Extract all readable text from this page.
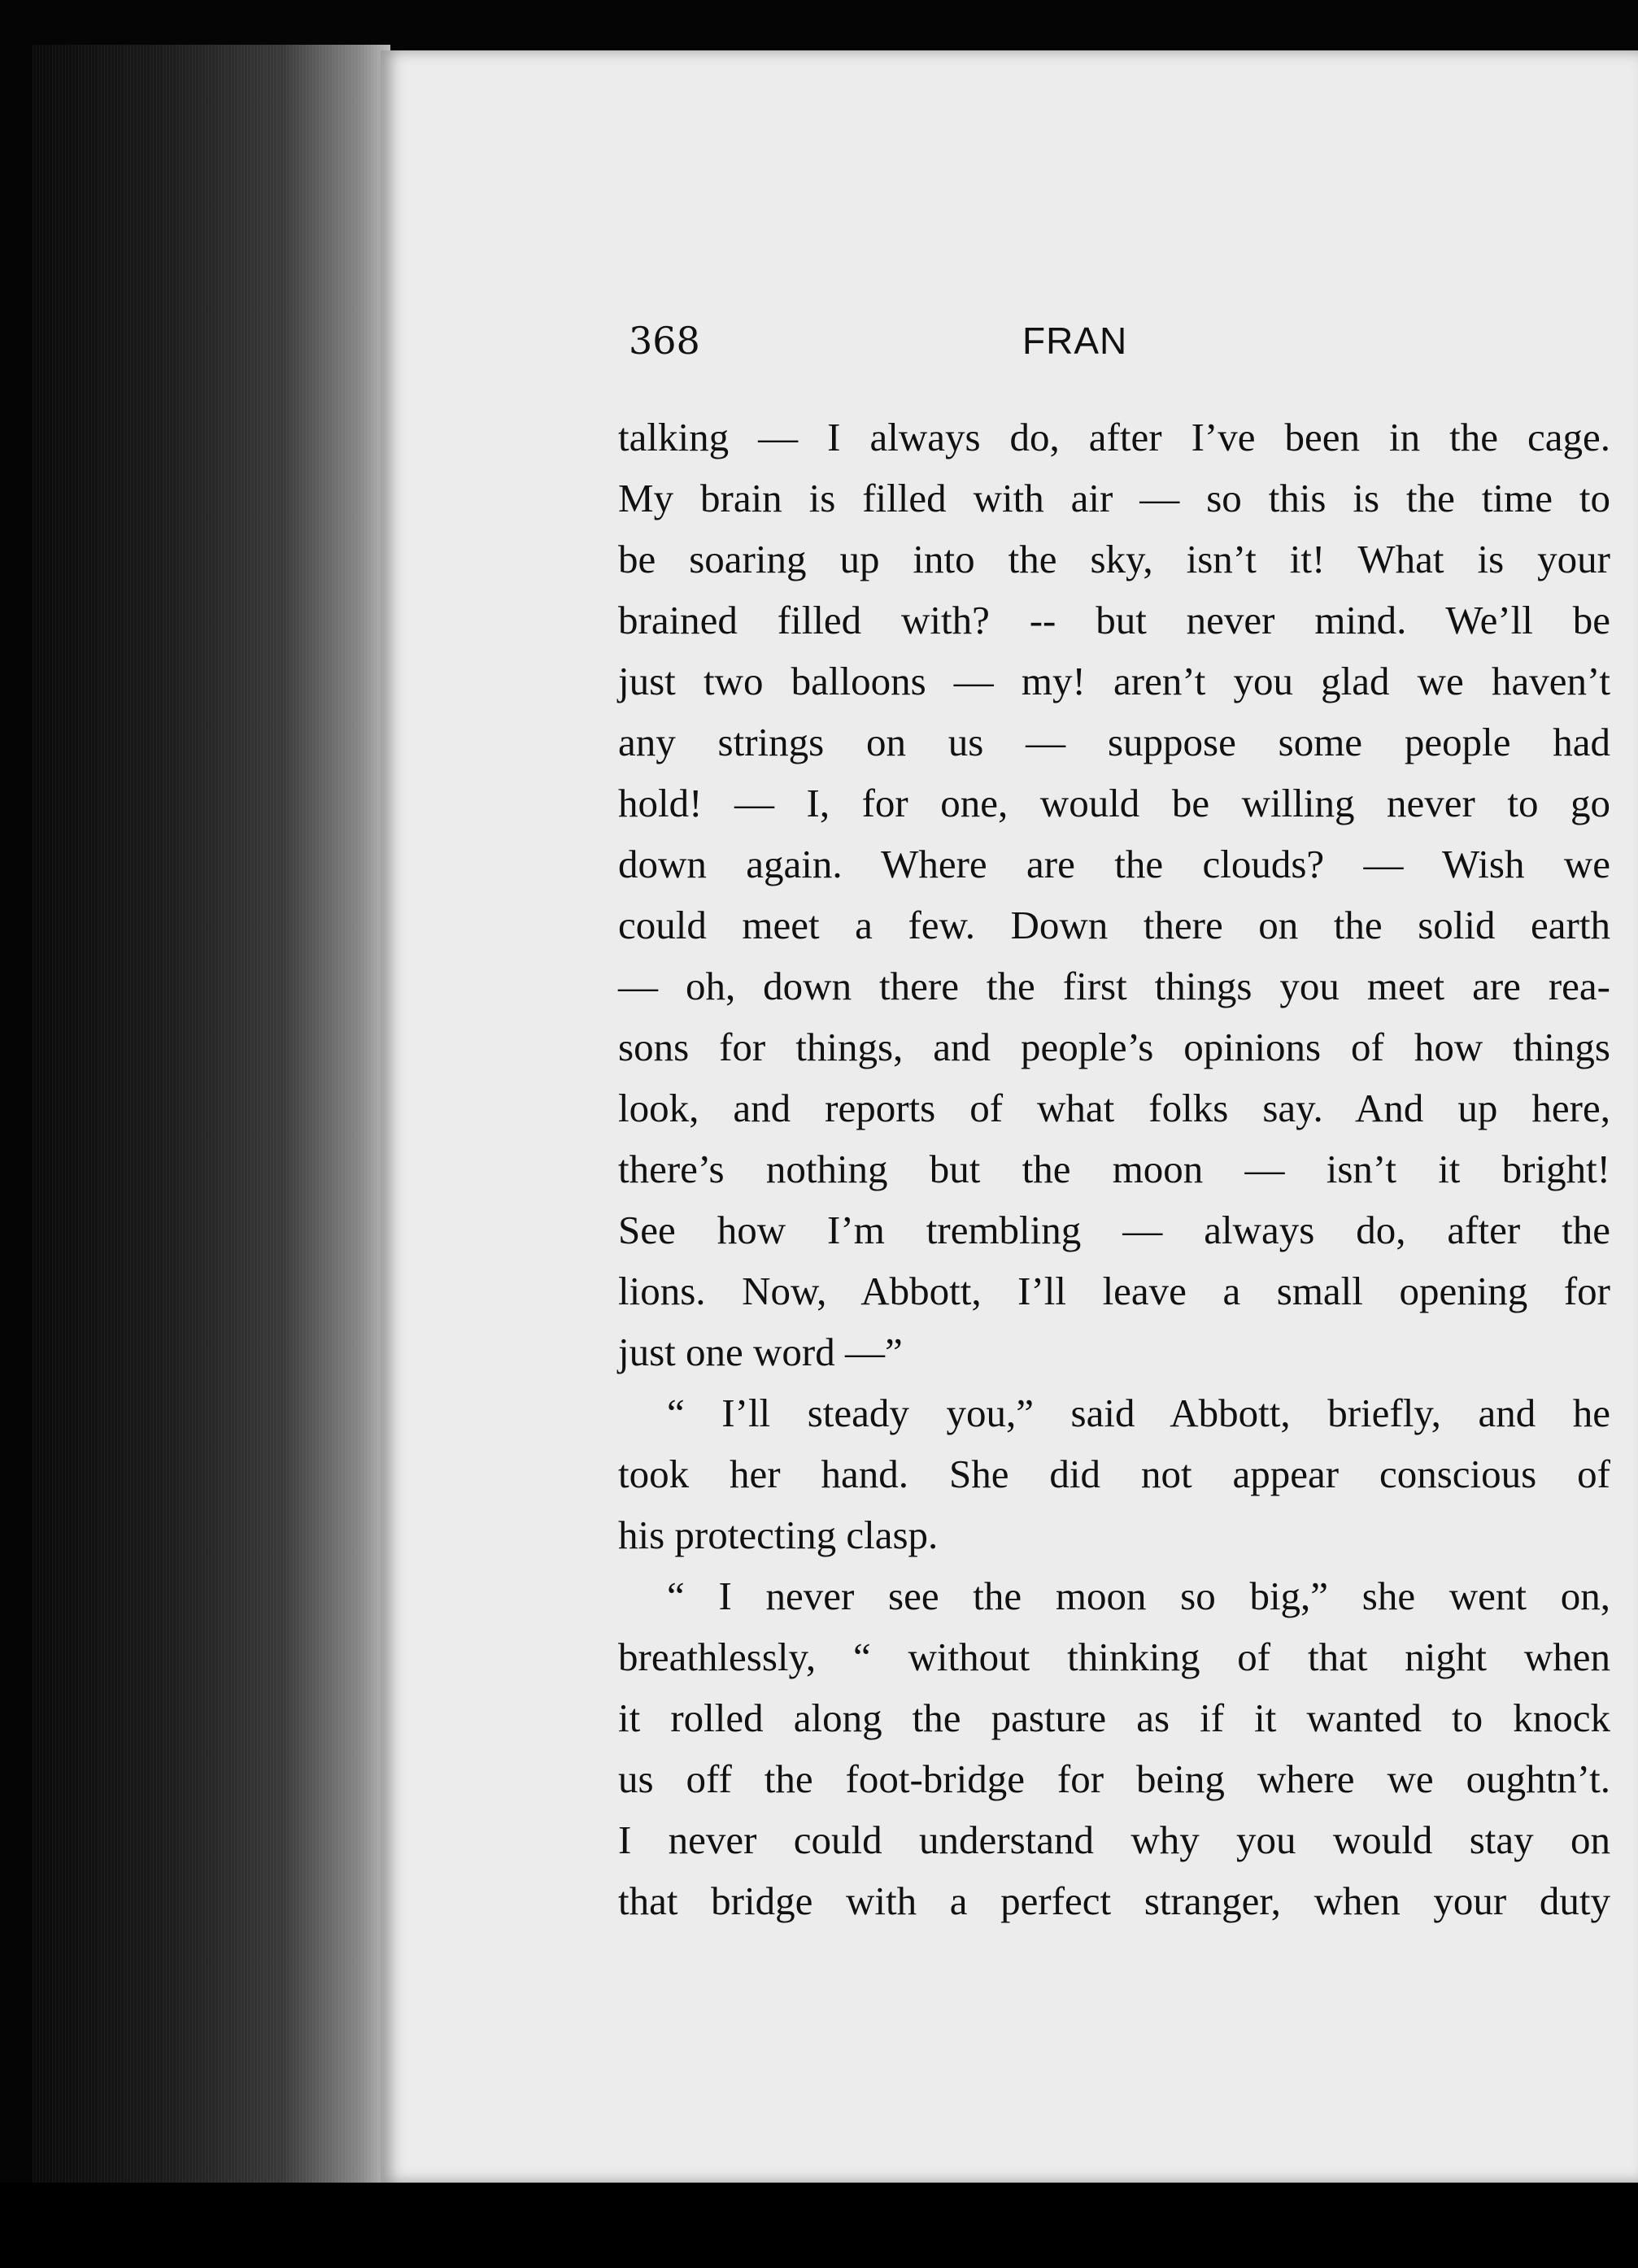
368	FRAN
talking — I always do, after I’ve been in the cage.
My brain is filled with air — so this is the time to
be soaring up into the sky, isn’t it! What is your
brained filled with? -- but never mind. We’ll be
just two balloons — my! aren’t you glad we haven’t
any strings on us — suppose some people had
hold! — I, for one, would be willing never to go
down again. Where are the clouds? — Wish we
could meet a few. Down there on the solid earth
— oh, down there the first things you meet are rea-
sons for things, and people’s opinions of how things
look, and reports of what folks say. And up here,
there’s nothing but the moon — isn’t it bright!
See how I’m trembling — always do, after the
lions. Now, Abbott, I’ll leave a small opening for
just one word —”
“ I’ll steady you,” said Abbott, briefly, and he
took her hand. She did not appear conscious of
his protecting clasp.
“ I never see the moon so big,” she went on,
breathlessly, “ without thinking of that night when
it rolled along the pasture as if it wanted to knock
us off the foot-bridge for being where we oughtn’t.
I never could understand why you would stay on
that bridge with a perfect stranger, when your duty
